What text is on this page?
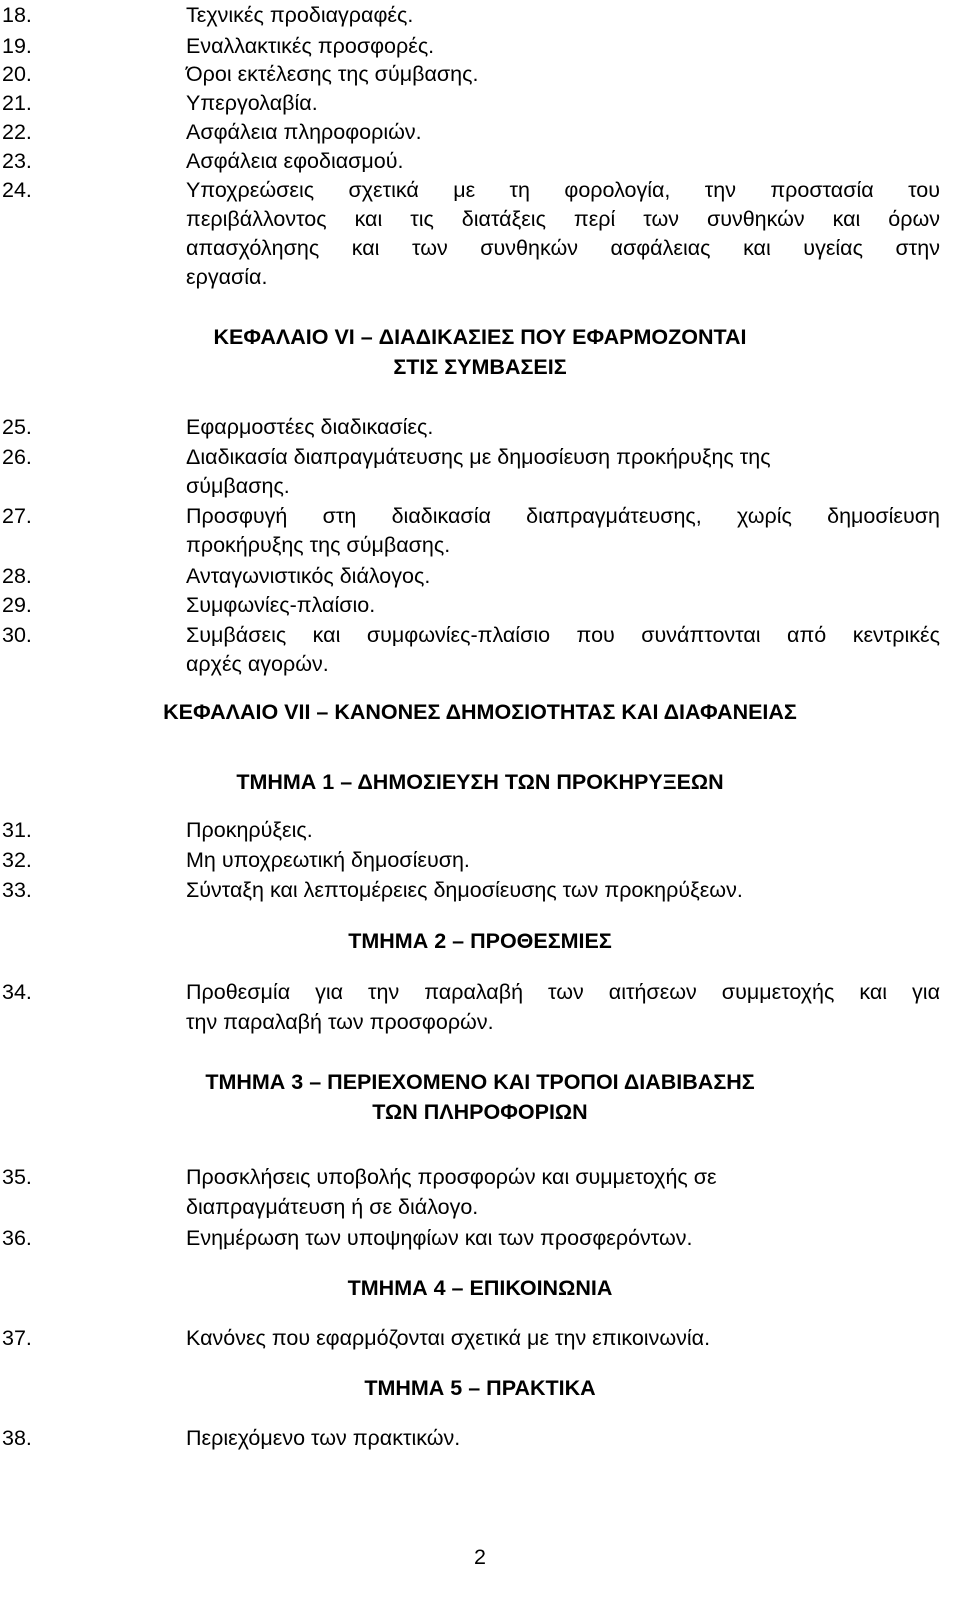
18.	Τεχνικές προδιαγραφές.
19.	Εναλλακτικές προσφορές.
20.	Όροι εκτέλεσης της σύμβασης.
21.	Υπεργολαβία.
22.	Ασφάλεια πληροφοριών.
23.	Ασφάλεια εφοδιασμού.
24.	Υποχρεώσεις σχετικά με τη φορολογία, την προστασία του
περιβάλλοντος και τις διατάξεις περί των συνθηκών και όρων
απασχόλησης και των συνθηκών ασφάλειας και υγείας στην
εργασία.
ΚΕΦΑΛΑΙΟ VI – ΔΙΑΔΙΚΑΣΙΕΣ ΠΟΥ ΕΦΑΡΜΟΖΟΝΤΑΙ
ΣΤΙΣ ΣΥΜΒΑΣΕΙΣ
25.	Εφαρμοστέες διαδικασίες.
26.	Διαδικασία διαπραγμάτευσης με δημοσίευση προκήρυξης της
σύμβασης.
27.	Προσφυγή στη διαδικασία διαπραγμάτευσης, χωρίς δημοσίευση
προκήρυξης της σύμβασης.
28.	Ανταγωνιστικός διάλογος.
29.	Συμφωνίες-πλαίσιο.
30.	Συμβάσεις και συμφωνίες-πλαίσιο που συνάπτονται από κεντρικές
αρχές αγορών.
ΚΕΦΑΛΑΙΟ VII – ΚΑΝΟΝΕΣ ΔΗΜΟΣΙΟΤΗΤΑΣ ΚΑΙ ΔΙΑΦΑΝΕΙΑΣ
ΤΜΗΜΑ 1 – ΔΗΜΟΣΙΕΥΣΗ ΤΩΝ ΠΡΟΚΗΡΥΞΕΩΝ
31.	Προκηρύξεις.
32.	Μη υποχρεωτική δημοσίευση.
33.	Σύνταξη και λεπτομέρειες δημοσίευσης των προκηρύξεων.
ΤΜΗΜΑ 2 – ΠΡΟΘΕΣΜΙΕΣ
34.	Προθεσμία για την παραλαβή των αιτήσεων συμμετοχής και για
την παραλαβή των προσφορών.
ΤΜΗΜΑ 3 – ΠΕΡΙΕΧΟΜΕΝΟ ΚΑΙ ΤΡΟΠΟΙ ΔΙΑΒΙΒΑΣΗΣ
ΤΩΝ ΠΛΗΡΟΦΟΡΙΩΝ
35.	Προσκλήσεις υποβολής προσφορών και συμμετοχής σε
διαπραγμάτευση ή σε διάλογο.
36.	Ενημέρωση των υποψηφίων και των προσφερόντων.
ΤΜΗΜΑ 4 – ΕΠΙΚΟΙΝΩΝΙΑ
37.	Κανόνες που εφαρμόζονται σχετικά με την επικοινωνία.
ΤΜΗΜΑ 5 – ΠΡΑΚΤΙΚΑ
38.	Περιεχόμενο των πρακτικών.
2
